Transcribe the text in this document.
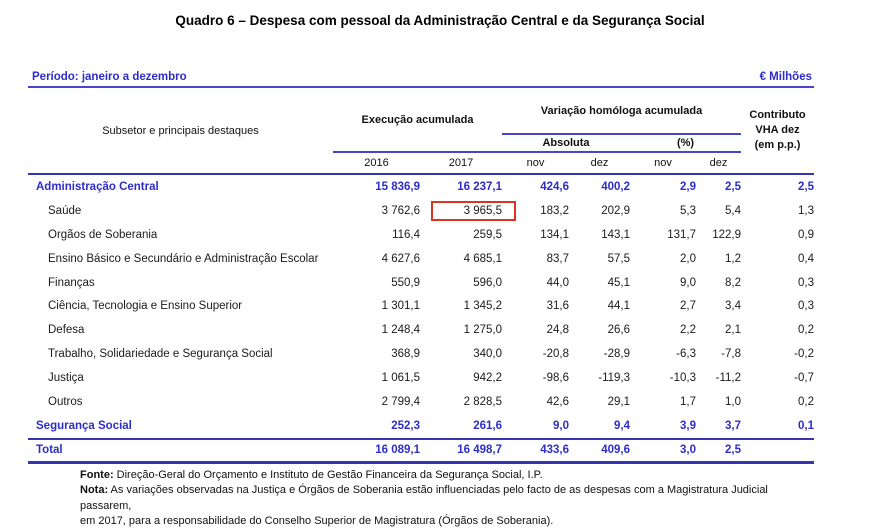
Quadro 6 – Despesa com pessoal da Administração Central e da Segurança Social
Período: janeiro a dezembro	€ Milhões
Subsetor e principais destaques
Execução acumulada
Variação homóloga acumulada
Absoluta	(%)
Contributo
VHA dez
(em p.p.)
2016	2017	nov	dez	nov	dez
Administração Central	15 836,9	16 237,1	424,6	400,2	2,9	2,5	2,5
Saúde	3 762,6	3 965,5	183,2	202,9	5,3	5,4	1,3
Órgãos de Soberania	116,4	259,5	134,1	143,1	131,7	122,9	0,9
Ensino Básico e Secundário e Administração Escolar	4 627,6	4 685,1	83,7	57,5	2,0	1,2	0,4
Finanças	550,9	596,0	44,0	45,1	9,0	8,2	0,3
Ciência, Tecnologia e Ensino Superior	1 301,1	1 345,2	31,6	44,1	2,7	3,4	0,3
Defesa	1 248,4	1 275,0	24,8	26,6	2,2	2,1	0,2
Trabalho, Solidariedade e Segurança Social	368,9	340,0	-20,8	-28,9	-6,3	-7,8	-0,2
Justiça	1 061,5	942,2	-98,6	-119,3	-10,3	-11,2	-0,7
Outros	2 799,4	2 828,5	42,6	29,1	1,7	1,0	0,2
Segurança Social	252,3	261,6	9,0	9,4	3,9	3,7	0,1
Total	16 089,1	16 498,7	433,6	409,6	3,0	2,5
Fonte: Direção-Geral do Orçamento e Instituto de Gestão Financeira da Segurança Social, I.P.
Nota: As variações observadas na Justiça e Órgãos de Soberania estão influenciadas pelo facto de as despesas com a Magistratura Judicial passarem,
em 2017, para a responsabilidade do Conselho Superior de Magistratura (Órgãos de Soberania).
